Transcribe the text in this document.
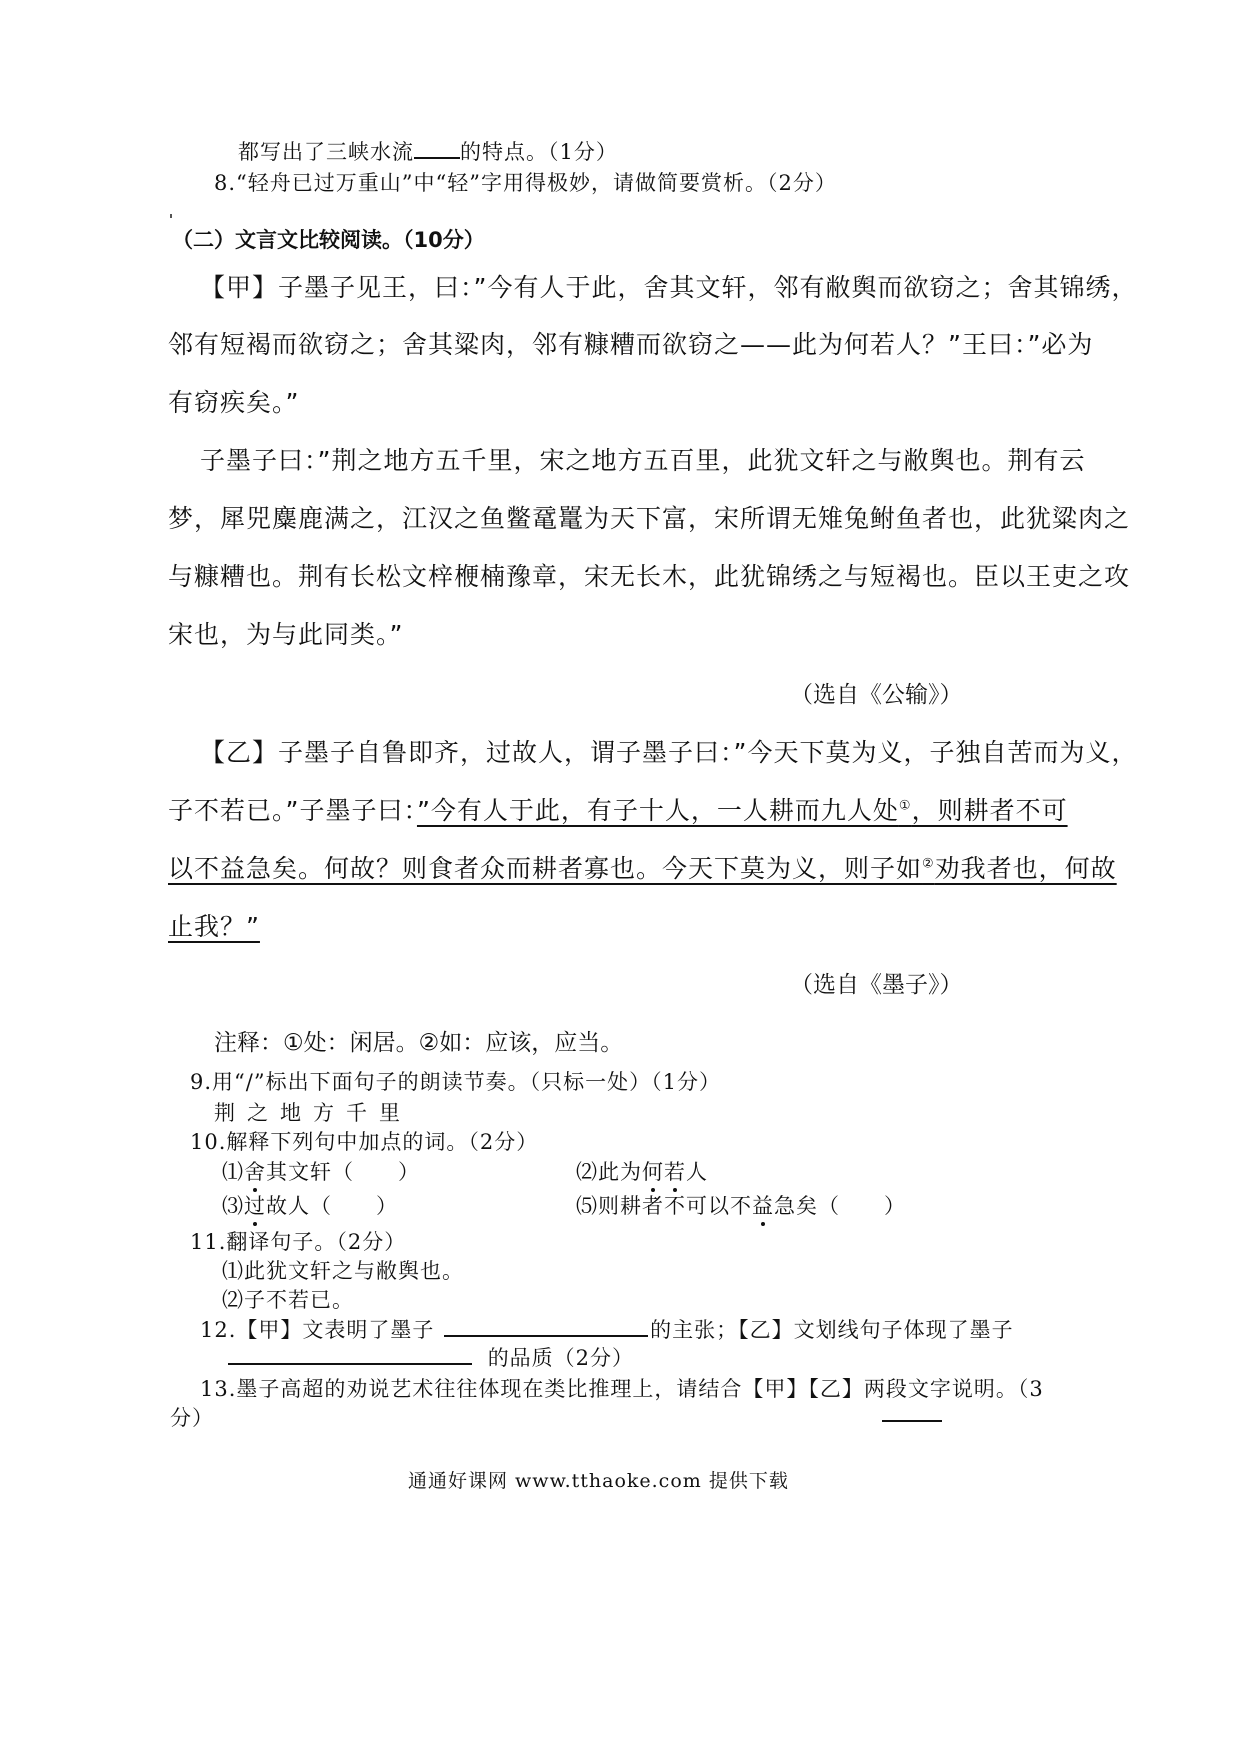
都写出了三峡水流 的特点。（1分）
8.“轻舟已过万重山”中“轻”字用得极妙，请做简要赏析。（2分）
（二）文言文比较阅读。（10分）
【甲】子墨子见王，曰：”今有人于此，舍其文轩，邻有敝舆而欲窃之；舍其锦绣，
邻有短褐而欲窃之；舍其粱肉，邻有糠糟而欲窃之——此为何若人？”王曰：”必为
有窃疾矣。”
子墨子曰：”荆之地方五千里，宋之地方五百里，此犹文轩之与敝舆也。荆有云
梦，犀兕麋鹿满之，江汉之鱼鳖鼋鼍为天下富，宋所谓无雉兔鲋鱼者也，此犹粱肉之
与糠糟也。荆有长松文梓楩楠豫章，宋无长木，此犹锦绣之与短褐也。臣以王吏之攻
宋也，为与此同类。”
（选自《公输》）
【乙】子墨子自鲁即齐，过故人，谓子墨子曰：”今天下莫为义，子独自苦而为义，
子不若已。”子墨子曰：”今有人于此，有子十人，一人耕而九人处①，则耕者不可
以不益急矣。何故？则食者众而耕者寡也。今天下莫为义，则子如②劝我者也，何故
止我？”
（选自《墨子》）
注释：①处：闲居。②如：应该，应当。
9.用“/”标出下面句子的朗读节奏。（只标一处）（1分）
荆之地方千里
10.解释下列句中加点的词。（2分）
⑴舍其文轩（　　）	⑵此为何若人
⑶过故人（　　）	⑸则耕者不可以不益急矣（　　）
11.翻译句子。（2分）
⑴此犹文轩之与敝舆也。
⑵子不若已。
12.【甲】文表明了墨子	的主张；【乙】文划线句子体现了墨子
的品质（2分）
13.墨子高超的劝说艺术往往体现在类比推理上，请结合【甲】【乙】两段文字说明。（3
分）
通通好课网 www.tthaoke.com 提供下载
